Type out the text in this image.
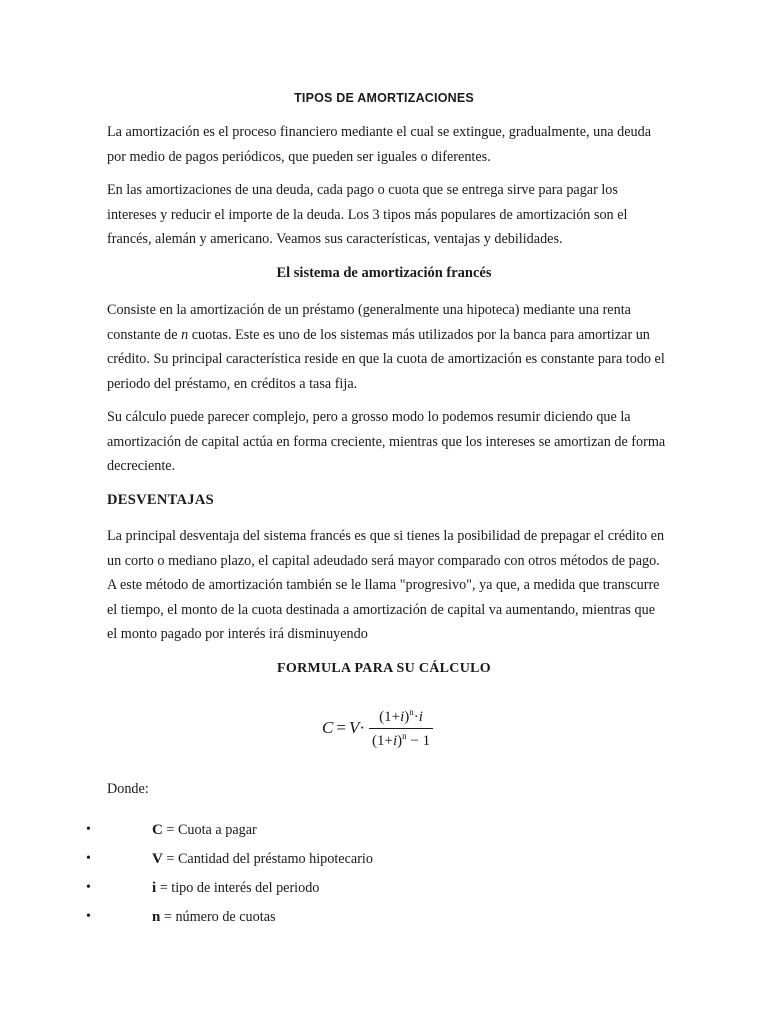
TIPOS DE AMORTIZACIONES
La amortización es el proceso financiero mediante el cual se extingue, gradualmente, una deuda por medio de pagos periódicos, que pueden ser iguales o diferentes.
En las amortizaciones de una deuda, cada pago o cuota que se entrega sirve para pagar los intereses y reducir el importe de la deuda. Los 3 tipos más populares de amortización son el francés, alemán y americano. Veamos sus características, ventajas y debilidades.
El sistema de amortización francés
Consiste en la amortización de un préstamo (generalmente una hipoteca) mediante una renta constante de n cuotas. Este es uno de los sistemas más utilizados por la banca para amortizar un crédito. Su principal característica reside en que la cuota de amortización es constante para todo el periodo del préstamo, en créditos a tasa fija.
Su cálculo puede parecer complejo, pero a grosso modo lo podemos resumir diciendo que la amortización de capital actúa en forma creciente, mientras que los intereses se amortizan de forma decreciente.
DESVENTAJAS
La principal desventaja del sistema francés es que si tienes la posibilidad de prepagar el crédito en un corto o mediano plazo, el capital adeudado será mayor comparado con otros métodos de pago. A este método de amortización también se le llama "progresivo", ya que, a medida que transcurre el tiempo, el monto de la cuota destinada a amortización de capital va aumentando, mientras que el monto pagado por interés irá disminuyendo
FORMULA PARA SU CÁLCULO
$C = V \cdot \frac{(1+i)^n\cdot i}{(1+i)^n - 1}$
Donde:
•	C = Cuota a pagar
•	V = Cantidad del préstamo hipotecario
•	i = tipo de interés del periodo
•	n = número de cuotas
